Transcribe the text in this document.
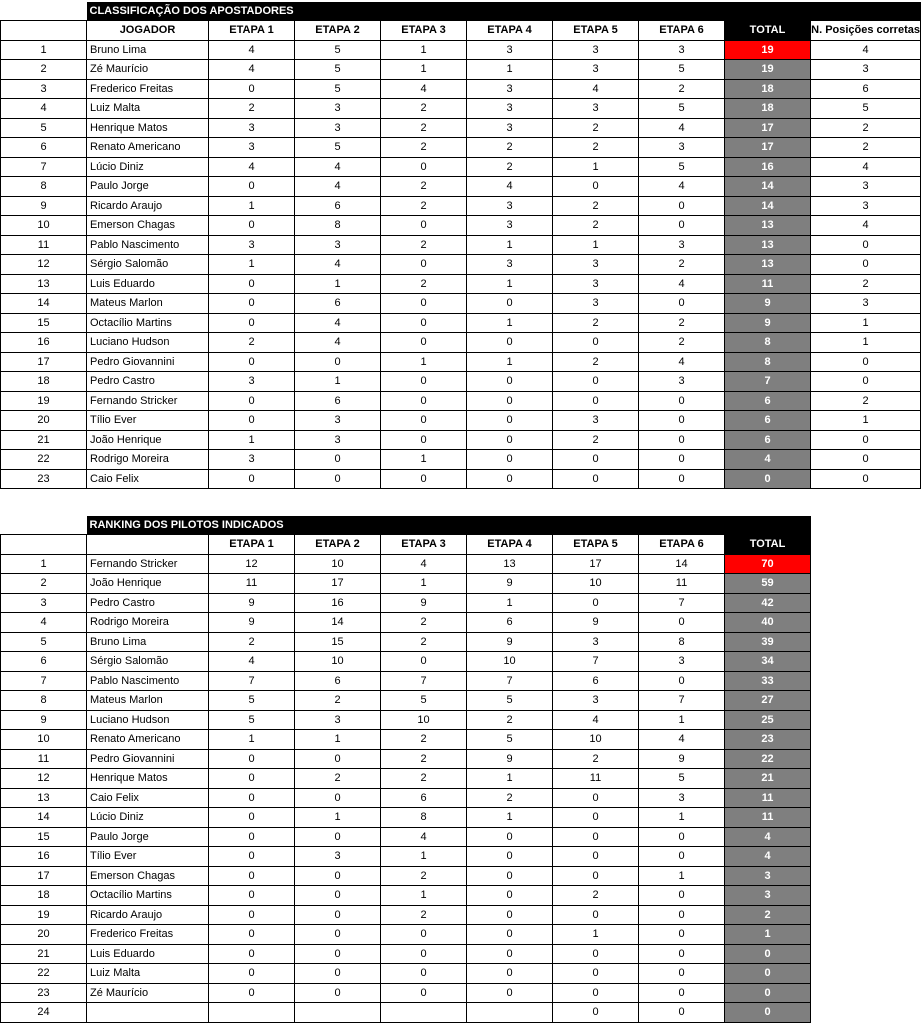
	CLASSIFICAÇÃO DOS APOSTADORES								
	JOGADOR	ETAPA 1	ETAPA 2	ETAPA 3	ETAPA 4	ETAPA 5	ETAPA 6	TOTAL	N. Posições corretas
1	Bruno Lima	4	5	1	3	3	3	19	4
2	Zé Maurício	4	5	1	1	3	5	19	3
3	Frederico Freitas	0	5	4	3	4	2	18	6
4	Luiz Malta	2	3	2	3	3	5	18	5
5	Henrique Matos	3	3	2	3	2	4	17	2
6	Renato Americano	3	5	2	2	2	3	17	2
7	Lúcio Diniz	4	4	0	2	1	5	16	4
8	Paulo Jorge	0	4	2	4	0	4	14	3
9	Ricardo Araujo	1	6	2	3	2	0	14	3
10	Emerson Chagas	0	8	0	3	2	0	13	4
11	Pablo Nascimento	3	3	2	1	1	3	13	0
12	Sérgio Salomão	1	4	0	3	3	2	13	0
13	Luis Eduardo	0	1	2	1	3	4	11	2
14	Mateus Marlon	0	6	0	0	3	0	9	3
15	Octacílio Martins	0	4	0	1	2	2	9	1
16	Luciano Hudson	2	4	0	0	0	2	8	1
17	Pedro Giovannini	0	0	1	1	2	4	8	0
18	Pedro Castro	3	1	0	0	0	3	7	0
19	Fernando Stricker	0	6	0	0	0	0	6	2
20	Tílio Ever	0	3	0	0	3	0	6	1
21	João Henrique	1	3	0	0	2	0	6	0
22	Rodrigo Moreira	3	0	1	0	0	0	4	0
23	Caio Felix	0	0	0	0	0	0	0	0
	RANKING DOS PILOTOS INDICADOS							
		ETAPA 1	ETAPA 2	ETAPA 3	ETAPA 4	ETAPA 5	ETAPA 6	TOTAL
1	Fernando Stricker	12	10	4	13	17	14	70
2	João Henrique	11	17	1	9	10	11	59
3	Pedro Castro	9	16	9	1	0	7	42
4	Rodrigo Moreira	9	14	2	6	9	0	40
5	Bruno Lima	2	15	2	9	3	8	39
6	Sérgio Salomão	4	10	0	10	7	3	34
7	Pablo Nascimento	7	6	7	7	6	0	33
8	Mateus Marlon	5	2	5	5	3	7	27
9	Luciano Hudson	5	3	10	2	4	1	25
10	Renato Americano	1	1	2	5	10	4	23
11	Pedro Giovannini	0	0	2	9	2	9	22
12	Henrique Matos	0	2	2	1	11	5	21
13	Caio Felix	0	0	6	2	0	3	11
14	Lúcio Diniz	0	1	8	1	0	1	11
15	Paulo Jorge	0	0	4	0	0	0	4
16	Tílio Ever	0	3	1	0	0	0	4
17	Emerson Chagas	0	0	2	0	0	1	3
18	Octacílio Martins	0	0	1	0	2	0	3
19	Ricardo Araujo	0	0	2	0	0	0	2
20	Frederico Freitas	0	0	0	0	1	0	1
21	Luis Eduardo	0	0	0	0	0	0	0
22	Luiz Malta	0	0	0	0	0	0	0
23	Zé Maurício	0	0	0	0	0	0	0
24						0	0	0
